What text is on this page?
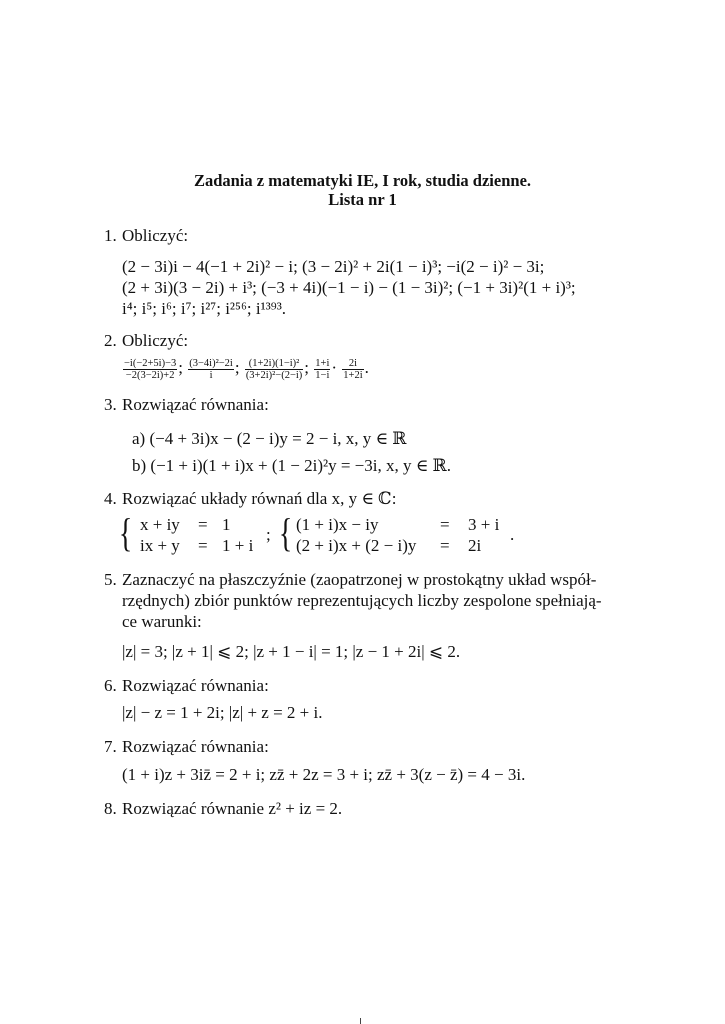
Zadania z matematyki IE, I rok, studia dzienne.
Lista nr 1
1. Obliczyć:
(2 − 3i)i − 4(−1 + 2i)² − i; (3 − 2i)² + 2i(1 − i)³; −i(2 − i)² − 3i;
(2 + 3i)(3 − 2i) + i³; (−3 + 4i)(−1 − i) − (1 − 3i)²; (−1 + 3i)²(1 + i)³;
i⁴; i⁵; i⁶; i⁷; i²⁷; i²⁵⁶; i¹³⁹³.
2. Obliczyć:
$\frac{-i(-2+5i)-3}{-2(3-2i)+2}$ ; $\frac{\text{(3−4i)²−2i}}{i}$ ; $\frac{\text{(1+2i)(1−i)²}}{\text{(3+2i)²−(2−i)}}$ ; $\frac{1+i}{1-i} \cdot \frac{2i}{1+2i}$ .
3. Rozwiązać równania:
a) (−4 + 3i)x − (2 − i)y = 2 − i, x, y ∈ ℝ
b) (−1 + i)(1 + i)x + (1 − 2i)²y = −3i, x, y ∈ ℝ.
4. Rozwiązać układy równań dla x, y ∈ ℂ:
{ x + iy = 1
ix + y = 1 + i
; { (1 + i)x − iy	= 3 + i
(2 + i)x + (2 − i)y = 2i
.
5. Zaznaczyć na płaszczyźnie (zaopatrzonej w prostokątny układ współ-
rzędnych) zbiór punktów reprezentujących liczby zespolone spełniają-
ce warunki:
|z| = 3; |z + 1| ⩽ 2; |z + 1 − i| = 1; |z − 1 + 2i| ⩽ 2.
6. Rozwiązać równania:
|z| − z = 1 + 2i; |z| + z = 2 + i.
7. Rozwiązać równania:
(1 + i)z + 3iz̄ = 2 + i; zz̄ + 2z = 3 + i; zz̄ + 3(z − z̄) = 4 − 3i.
8. Rozwiązać równanie z² + iz = 2.
